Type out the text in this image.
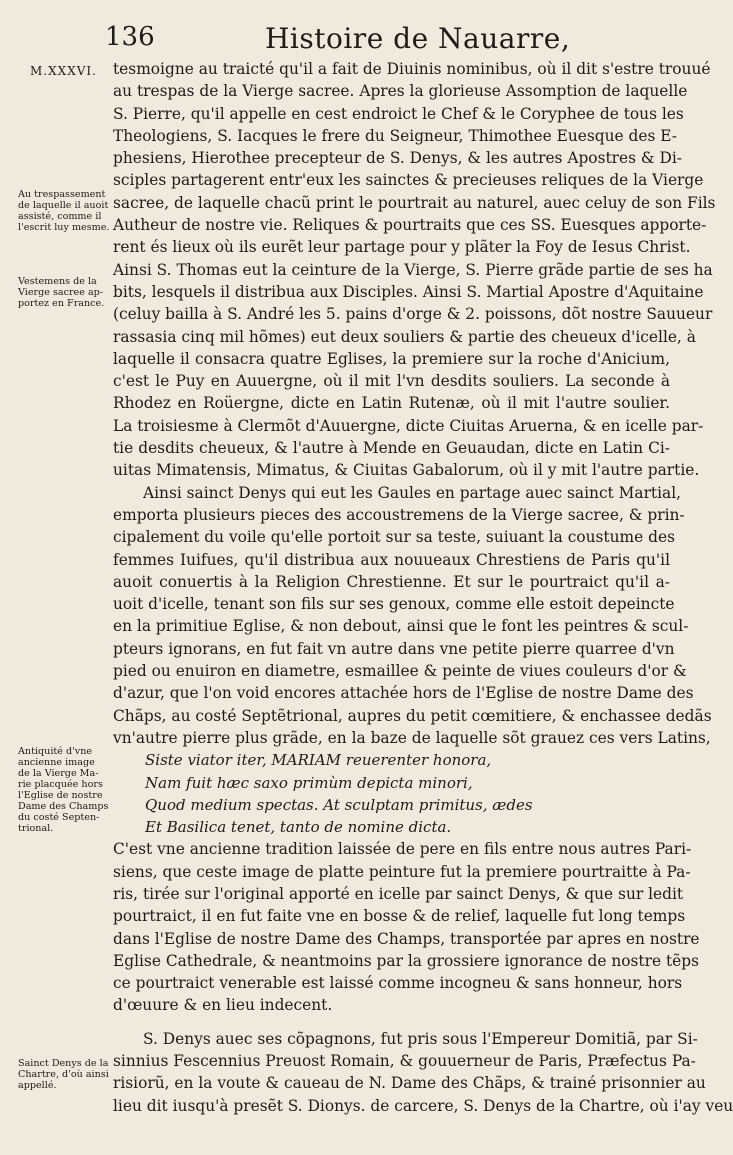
136	Histoire de Nauarre,
M.XXXVI.
Au trespassement
de laquelle il auoit
assisté, comme il
l'escrit luy mesme.
Vestemens de la
Vierge sacree ap-
portez en France.
Antiquité d'vne
ancienne image
de la Vierge Ma-
rie placquée hors
l'Eglise de nostre
Dame des Champs
du costé Septen-
trional.
Sainct Denys de la
Chartre, d'où ainsi
appellé.
tesmoigne au traicté qu'il a fait de Diuinis nominibus, où il dit s'estre trouué
au trespas de la Vierge sacree. Apres la glorieuse Assomption de laquelle
S. Pierre, qu'il appelle en cest endroict le Chef & le Coryphee de tous les
Theologiens, S. Iacques le frere du Seigneur, Thimothee Euesque des E-
phesiens, Hierothee precepteur de S. Denys, & les autres Apostres & Di-
sciples partagerent entr'eux les sainctes & precieuses reliques de la Vierge
sacree, de laquelle chacũ print le pourtrait au naturel, auec celuy de son Fils
Autheur de nostre vie. Reliques & pourtraits que ces SS. Euesques apporte-
rent és lieux où ils eurẽt leur partage pour y plãter la Foy de Iesus Christ.
Ainsi S. Thomas eut la ceinture de la Vierge, S. Pierre grãde partie de ses ha
bits, lesquels il distribua aux Disciples. Ainsi S. Martial Apostre d'Aquitaine
(celuy bailla à S. André les 5. pains d'orge & 2. poissons, dõt nostre Sauueur
rassasia cinq mil hõmes) eut deux souliers & partie des cheueux d'icelle, à
laquelle il consacra quatre Eglises, la premiere sur la roche d'Anicium,
c'est le Puy en Auuergne, où il mit l'vn desdits souliers. La seconde à
Rhodez en Roüergne, dicte en Latin Rutenæ, où il mit l'autre soulier.
La troisiesme à Clermõt d'Auuergne, dicte Ciuitas Aruerna, & en icelle par-
tie desdits cheueux, & l'autre à Mende en Geuaudan, dicte en Latin Ci-
uitas Mimatensis, Mimatus, & Ciuitas Gabalorum, où il y mit l'autre partie.
Ainsi sainct Denys qui eut les Gaules en partage auec sainct Martial,
emporta plusieurs pieces des accoustremens de la Vierge sacree, & prin-
cipalement du voile qu'elle portoit sur sa teste, suiuant la coustume des
femmes Iuifues, qu'il distribua aux nouueaux Chrestiens de Paris qu'il
auoit conuertis à la Religion Chrestienne. Et sur le pourtraict qu'il a-
uoit d'icelle, tenant son fils sur ses genoux, comme elle estoit depeincte
en la primitiue Eglise, & non debout, ainsi que le font les peintres & scul-
pteurs ignorans, en fut fait vn autre dans vne petite pierre quarree d'vn
pied ou enuiron en diametre, esmaillee & peinte de viues couleurs d'or &
d'azur, que l'on void encores attachée hors de l'Eglise de nostre Dame des
Chãps, au costé Septẽtrional, aupres du petit cœmitiere, & enchassee dedãs
vn'autre pierre plus grãde, en la baze de laquelle sõt grauez ces vers Latins,
Siste viator iter, MARIAM reuerenter honora,
Nam fuit hæc saxo primùm depicta minori,
Quod medium spectas. At sculptam primitus, ædes
Et Basilica tenet, tanto de nomine dicta.
C'est vne ancienne tradition laissée de pere en fils entre nous autres Pari-
siens, que ceste image de platte peinture fut la premiere pourtraitte à Pa-
ris, tirée sur l'original apporté en icelle par sainct Denys, & que sur ledit
pourtraict, il en fut faite vne en bosse & de relief, laquelle fut long temps
dans l'Eglise de nostre Dame des Champs, transportée par apres en nostre
Eglise Cathedrale, & neantmoins par la grossiere ignorance de nostre tẽps
ce pourtraict venerable est laissé comme incogneu & sans honneur, hors
d'œuure & en lieu indecent.
S. Denys auec ses cõpagnons, fut pris sous l'Empereur Domitiã, par Si-
sinnius Fescennius Preuost Romain, & gouuerneur de Paris, Præfectus Pa-
risiorũ, en la voute & caueau de N. Dame des Chãps, & trainé prisonnier au
lieu dit iusqu'à presẽt S. Dionys. de carcere, S. Denys de la Chartre, où i'ay veu
